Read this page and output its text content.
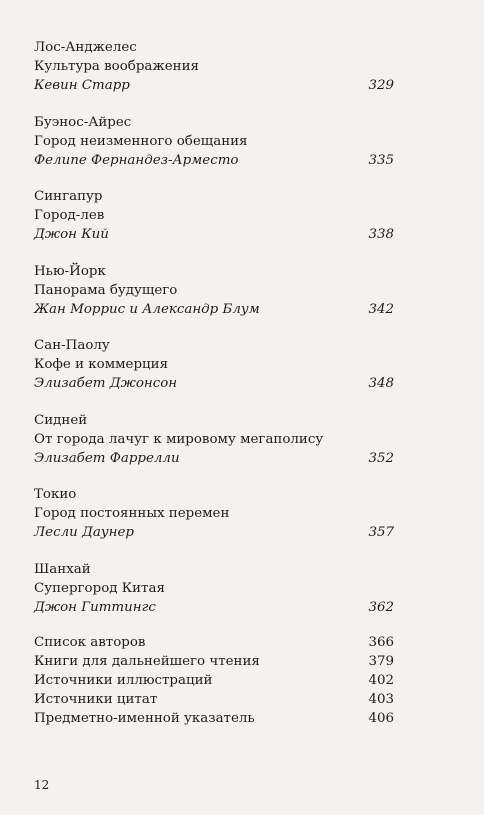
Лос-Анджелес
Культура воображения
Кевин Старр	329
Буэнос-Айрес
Город неизменного обещания
Фелипе Фернандез-Арместо	335
Сингапур
Город-лев
Джон Кий	338
Нью-Йорк
Панорама будущего
Жан Моррис и Александр Блум	342
Сан-Паолу
Кофе и коммерция
Элизабет Джонсон	348
Сидней
От города лачуг к мировому мегаполису
Элизабет Фаррелли	352
Токио
Город постоянных перемен
Лесли Даунер	357
Шанхай
Супергород Китая
Джон Гиттингс	362
Список авторов	366
Книги для дальнейшего чтения	379
Источники иллюстраций	402
Источники цитат	403
Предметно-именной указатель	406
12
